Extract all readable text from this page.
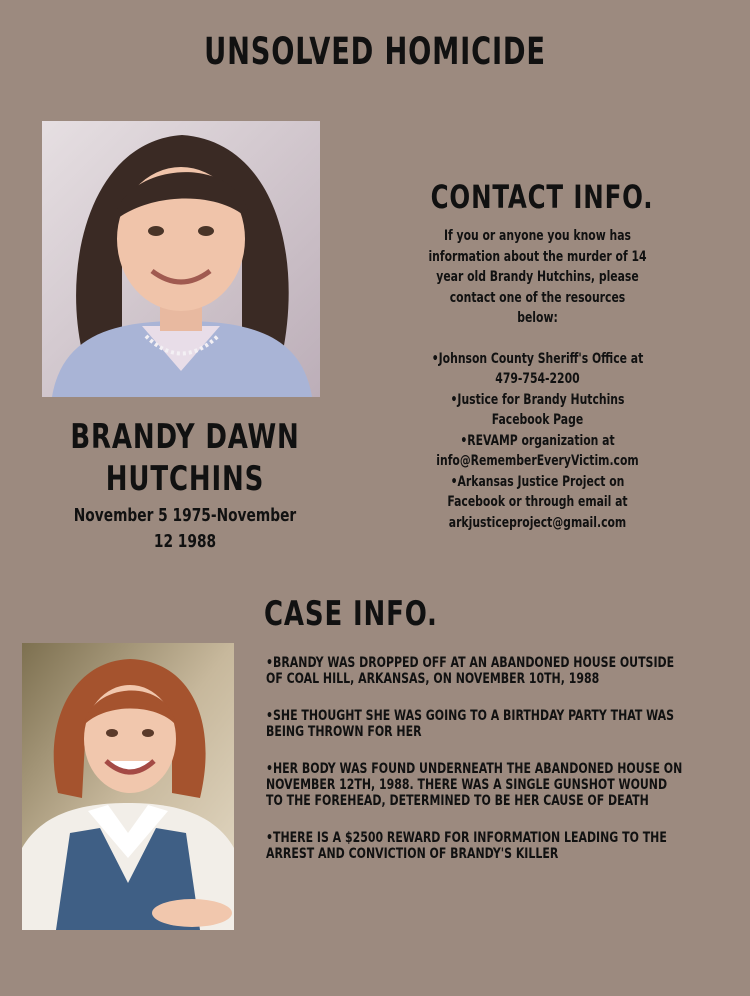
UNSOLVED HOMICIDE
BRANDY DAWN
HUTCHINS
November 5 1975-November
12 1988
CONTACT INFO.

If you or anyone you know has

information about the murder of 14

year old Brandy Hutchins, please

contact one of the resources

below:

•Johnson County Sheriff's Office at

479-754-2200

•Justice for Brandy Hutchins

Facebook Page

•REVAMP organization at

info@RememberEveryVictim.com

•Arkansas Justice Project on

Facebook or through email at

arkjusticeproject@gmail.com

CASE INFO.

•BRANDY WAS DROPPED OFF AT AN ABANDONED HOUSE OUTSIDE OF COAL HILL, ARKANSAS, ON NOVEMBER 10TH, 1988

•SHE THOUGHT SHE WAS GOING TO A BIRTHDAY PARTY THAT WAS BEING THROWN FOR HER

•HER BODY WAS FOUND UNDERNEATH THE ABANDONED HOUSE ON NOVEMBER 12TH, 1988. THERE WAS A SINGLE GUNSHOT WOUND TO THE FOREHEAD, DETERMINED TO BE HER CAUSE OF DEATH

•THERE IS A $2500 REWARD FOR INFORMATION LEADING TO THE ARREST AND CONVICTION OF BRANDY'S KILLER
